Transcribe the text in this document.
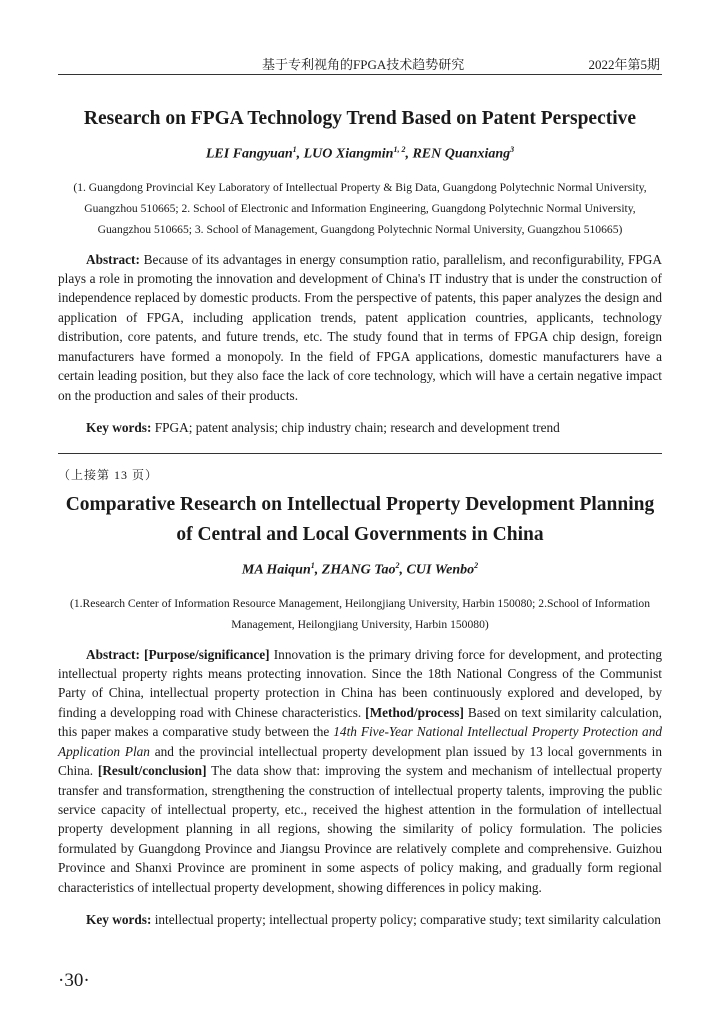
基于专利视角的FPGA技术趋势研究	2022年第5期
Research on FPGA Technology Trend Based on Patent Perspective
LEI Fangyuan$^1$, LUO Xiangmin$^{1, 2}$, REN Quanxiang$^3$
(1. Guangdong Provincial Key Laboratory of Intellectual Property & Big Data, Guangdong Polytechnic Normal University, Guangzhou 510665; 2. School of Electronic and Information Engineering, Guangdong Polytechnic Normal University, Guangzhou 510665; 3. School of Management, Guangdong Polytechnic Normal University, Guangzhou 510665)

Abstract: Because of its advantages in energy consumption ratio, parallelism, and reconfigurability, FPGA plays a role in promoting the innovation and development of China's IT industry that is under the construction of independence replaced by domestic products. From the perspective of patents, this paper analyzes the design and application of FPGA, including application trends, patent application countries, applicants, technology distribution, core patents, and future trends, etc. The study found that in terms of FPGA chip design, foreign manufacturers have formed a monopoly. In the field of FPGA applications, domestic manufacturers have a certain leading position, but they also face the lack of core technology, which will have a certain negative impact on the production and sales of their products.

Key words: FPGA; patent analysis; chip industry chain; research and development trend

（上接第 13 页）
Comparative Research on Intellectual Property Development Planning
of Central and Local Governments in China
MA Haiqun$^1$, ZHANG Tao$^2$, CUI Wenbo$^2$
(1.Research Center of Information Resource Management, Heilongjiang University, Harbin 150080; 2.School of Information Management, Heilongjiang University, Harbin 150080)

Abstract: [Purpose/significance] Innovation is the primary driving force for development, and protecting intellectual property rights means protecting innovation. Since the 18th National Congress of the Communist Party of China, intellectual property protection in China has been continuously explored and developed, by finding a developping road with Chinese characteristics. [Method/process] Based on text similarity calculation, this paper makes a comparative study between the 14th Five-Year National Intellectual Property Protection and Application Plan and the provincial intellectual property development plan issued by 13 local governments in China. [Result/conclusion] The data show that: improving the system and mechanism of intellectual property transfer and transformation, strengthening the construction of intellectual property talents, improving the public service capacity of intellectual property, etc., received the highest attention in the formulation of intellectual property development planning in all regions, showing the similarity of policy formulation. The policies formulated by Guangdong Province and Jiangsu Province are relatively complete and comprehensive. Guizhou Province and Shanxi Province are prominent in some aspects of policy making, and gradually form regional characteristics of intellectual property development, showing differences in policy making.

Key words: intellectual property; intellectual property policy; comparative study; text similarity calculation

·30·
